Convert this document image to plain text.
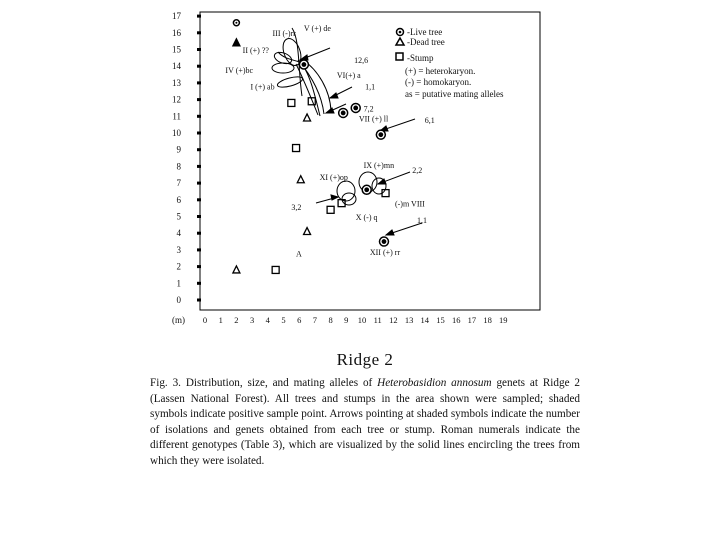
0
1
2
3
4
5
6
7
8
9
10
11
12
13
14
15
16
17
0 1 2 3 4 5 6 7 8 9 10 11 12 13 14 15 16 17 18 19
(m)
III (-)rr
V (+) de
II (+) ??
IV (+)bc
VI(+) a
I (+) ab
VII (+) ll
IX (+)mn
XI (+)op
X (-) q
(-)m VIII
XII (+) rr
A
12,6
1,1
7,2
6,1
2,2
3,2
1,1
-Live tree
-Dead tree
-Stump
(+) = heterokaryon.
(-) = homokaryon.
as = putative mating alleles
Ridge 2
Fig. 3. Distribution, size, and mating alleles of Heterobasidion annosum genets at Ridge 2 (Lassen National Forest). All trees and stumps in the area shown were sampled; shaded symbols indicate positive sample point. Arrows pointing at shaded symbols indicate the number of isolations and genets obtained from each tree or stump. Roman numerals indicate the different genotypes (Table 3), which are visualized by the solid lines encircling the trees from which they were isolated.
